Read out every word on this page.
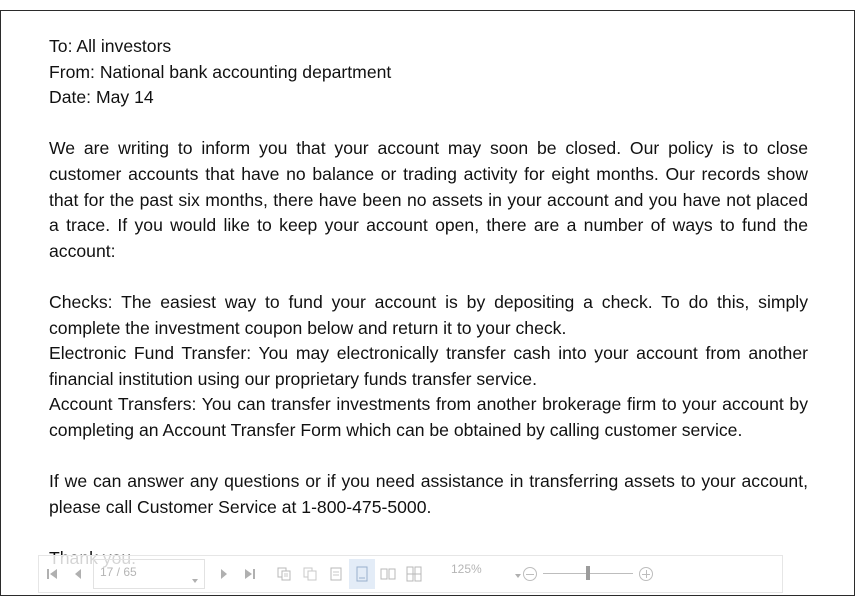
To: All investors

From: National bank accounting department

Date: May 14

We are writing to inform you that your account may soon be closed. Our policy is to close customer accounts that have no balance or trading activity for eight months. Our records show that for the past six months, there have been no assets in your account and you have not placed a trace. If you would like to keep your account open, there are a number of ways to fund the account:

Checks: The easiest way to fund your account is by depositing a check. To do this, simply complete the investment coupon below and return it to your check.

Electronic Fund Transfer: You may electronically transfer cash into your account from another financial institution using our proprietary funds transfer service.

Account Transfers: You can transfer investments from another brokerage firm to your account by completing an Account Transfer Form which can be obtained by calling customer service.

If we can answer any questions or if you need assistance in transferring assets to your account, please call Customer Service at 1-800-475-5000.

17 / 65	125%
